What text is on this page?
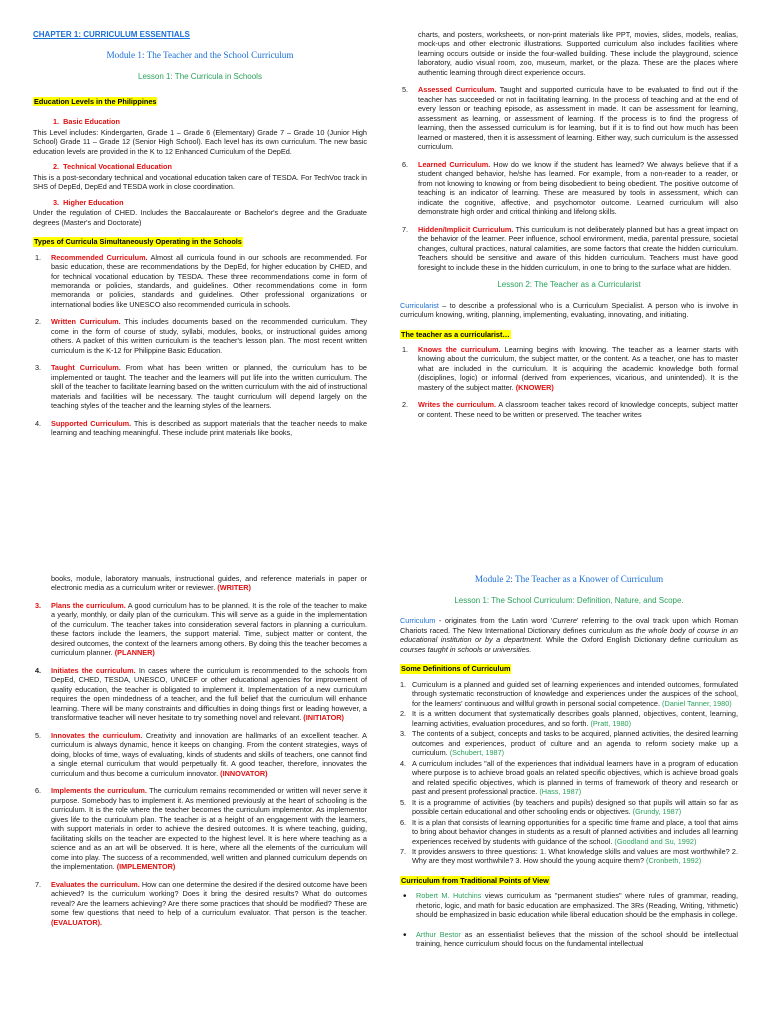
CHAPTER 1: CURRICULUM ESSENTIALS
Module 1: The Teacher and the School Curriculum
Lesson 1: The Curricula in Schools
Education Levels in the Philippines
1. Basic Education

This Level includes: Kindergarten, Grade 1 – Grade 6 (Elementary) Grade 7 – Grade 10 (Junior High School) Grade 11 – Grade 12 (Senior High School). Each level has its own curriculum. The new basic education levels are provided in the K to 12 Enhanced Curriculum of the DepEd.

2. Technical Vocational Education

This is a post-secondary technical and vocational education taken care of TESDA. For TechVoc track in SHS of DepEd, DepEd and TESDA work in close coordination.

3. Higher Education

Under the regulation of CHED. Includes the Baccalaureate or Bachelor's degree and the Graduate degrees (Master's and Doctorate)

Types of Curricula Simultaneously Operating in the Schools
1. Recommended Curriculum. Almost all curricula found in our schools are recommended. For basic education, these are recommendations by the DepEd, for higher education by CHED, and for technical vocational education by TESDA. These three recommendations come in form of memoranda or policies, standards, and guidelines. Other recommendations come in form memoranda or policies, standards and guidelines. Other professional organizations or international bodies like UNESCO also recommended curricula in schools.
2. Written Curriculum. This includes documents based on the recommended curriculum. They come in the form of course of study, syllabi, modules, books, or instructional guides among others. A packet of this written curriculum is the teacher's lesson plan. The most recent written curriculum is the K-12 for Philippine Basic Education.
3. Taught Curriculum. From what has been written or planned, the curriculum has to be implemented or taught. The teacher and the learners will put life into the written curriculum. The skill of the teacher to facilitate learning based on the written curriculum with the aid of instructional materials and facilities will be necessary. The taught curriculum will depend largely on the teaching styles of the teacher and the learning styles of the learners.
4. Supported Curriculum. This is described as support materials that the teacher needs to make learning and teaching meaningful. These include print materials like books,

charts, and posters, worksheets, or non-print materials like PPT, movies, slides, models, realias, mock-ups and other electronic illustrations. Supported curriculum also includes facilities where learning occurs outside or inside the four-walled building. These include the playground, science laboratory, audio visual room, zoo, museum, market, or the plaza. These are the places where authentic learning through direct experience occurs.

5. Assessed Curriculum. Taught and supported curricula have to be evaluated to find out if the teacher has succeeded or not in facilitating learning. In the process of teaching and at the end of every lesson or teaching episode, as assessment in made. It can be assessment for learning, assessment as learning, or assessment of learning. If the process is to find the progress of learning, then the assessed curriculum is for learning, but if it is to find out how much has been learned or mastered, then it is assessment of learning. Either way, such curriculum is the assessed curriculum.
6. Learned Curriculum. How do we know if the student has learned? We always believe that if a student changed behavior, he/she has learned. For example, from a non-reader to a reader, or from not knowing to knowing or from being disobedient to being obedient. The positive outcome of teaching is an indicator of learning. These are measured by tools in assessment, which can indicate the cognitive, affective, and psychomotor outcome. Learned curriculum will also demonstrate high order and critical thinking and lifelong skills.
7. Hidden/Implicit Curriculum. This curriculum is not deliberately planned but has a great impact on the behavior of the learner. Peer influence, school environment, media, parental pressure, societal changes, cultural practices, natural calamities, are some factors that create the hidden curriculum. Teachers should be sensitive and aware of this hidden curriculum. Teachers must have good foresight to include these in the hidden curriculum, in one to bring to the surface what are hidden.
Lesson 2: The Teacher as a Curricularist

Curricularist – to describe a professional who is a Curriculum Specialist. A person who is involve in curriculum knowing, writing, planning, implementing, evaluating, innovating, and initiating.

The teacher as a curricularist…
1. Knows the curriculum. Learning begins with knowing. The teacher as a learner starts with knowing about the curriculum, the subject matter, or the content. As a teacher, one has to master what are included in the curriculum. It is acquiring the academic knowledge both formal (disciplines, logic) or informal (derived from experiences, vicarious, and unintended). It is the mastery of the subject matter. (KNOWER)
2. Writes the curriculum. A classroom teacher takes record of knowledge concepts, subject matter or content. These need to be written or preserved. The teacher writes

books, module, laboratory manuals, instructional guides, and reference materials in paper or electronic media as a curriculum writer or reviewer. (WRITER)

3. Plans the curriculum. A good curriculum has to be planned. It is the role of the teacher to make a yearly, monthly, or daily plan of the curriculum. This will serve as a guide in the implementation of the curriculum. The teacher takes into consideration several factors in planning a curriculum. these factors include the learners, the support material. Time, subject matter or content, the desired outcomes, the context of the learners among others. By doing this the teacher becomes a curriculum planner. (PLANNER)
4. Initiates the curriculum. In cases where the curriculum is recommended to the schools from DepEd, CHED, TESDA, UNESCO, UNICEF or other educational agencies for improvement of quality education, the teacher is obligated to implement it. Implementation of a new curriculum requires the open mindedness of a teacher, and the full belief that the curriculum will enhance learning. There will be many constraints and difficulties in doing things first or leading however, a transformative teacher will never hesitate to try something novel and relevant. (INITIATOR)
5. Innovates the curriculum. Creativity and innovation are hallmarks of an excellent teacher. A curriculum is always dynamic, hence it keeps on changing. From the content strategies, ways of doing, blocks of time, ways of evaluating, kinds of students and skills of teachers, one cannot find a single eternal curriculum that would perpetually fit. A good teacher, therefore, innovates the curriculum and thus become a curriculum innovator. (INNOVATOR)
6. Implements the curriculum. The curriculum remains recommended or written will never serve it purpose. Somebody has to implement it. As mentioned previously at the heart of schooling is the curriculum. It is the role where the teacher becomes the curriculum implementor. As implementor gives life to the curriculum plan. The teacher is at a height of an engagement with the learners, with support materials in order to achieve the desired outcomes. It is where teaching, guiding, facilitating skills on the teacher are expected to the highest level. It is here where teaching as a science and as an art will be observed. It is here, where all the elements of the curriculum will come into play. The success of a recommended, well written and planned curriculum depends on the implementation. (IMPLEMENTOR)
7. Evaluates the curriculum. How can one determine the desired if the desired outcome have been achieved? Is the curriculum working? Does it bring the desired results? What do outcomes reveal? Are the learners achieving? Are there some practices that should be modified? These are some few questions that need to help of a curriculum evaluator. That person is the teacher. (EVALUATOR).
Module 2: The Teacher as a Knower of Curriculum
Lesson 1: The School Curriculum: Definition, Nature, and Scope.

Curriculum - originates from the Latin word 'Currere' referring to the oval track upon which Roman Chariots raced. The New International Dictionary defines curriculum as the whole body of course in an educational institution or by a department. While the Oxford English Dictionary define curriculum as courses taught in schools or universities.

Some Definitions of Curriculum
1. Curriculum is a planned and guided set of learning experiences and intended outcomes, formulated through systematic reconstruction of knowledge and experiences under the auspices of the school, for the learners' continuous and willful growth in personal social competence. (Daniel Tanner, 1980)
2. It is a written document that systematically describes goals planned, objectives, content, learning, learning activities, evaluation procedures, and so forth. (Pratt, 1980)
3. The contents of a subject, concepts and tasks to be acquired, planned activities, the desired learning outcomes and experiences, product of culture and an agenda to reform society make up a curriculum. (Schubert, 1987)
4. A curriculum includes "all of the experiences that individual learners have in a program of education where purpose is to achieve broad goals an related specific objectives, which is achieve broad goals and related specific objectives, which is planned in terms of framework of theory and research or past and present professional practice. (Hass, 1987)
5. It is a programme of activities (by teachers and pupils) designed so that pupils will attain so far as possible certain educational and other schooling ends or objectives. (Grundy, 1987)
6. It is a plan that consists of learning opportunities for a specific time frame and place, a tool that aims to bring about behavior changes in students as a result of planned activities and includes all learning experiences received by students with guidance of the school. (Goodland and Su, 1992)
7. It provides answers to three questions: 1. What knowledge skills and values are most worthwhile? 2. Why are they most worthwhile? 3. How should the young acquire them? (Cronbeth, 1992)
Curriculum from Traditional Points of View
• Robert M. Hutchins views curriculum as "permanent studies" where rules of grammar, reading, rhetoric, logic, and math for basic education are emphasized. The 3Rs (Reading, Writing, 'rithmetic) should be emphasized in basic education while liberal education should be the emphasis in college.
• Arthur Bestor as an essentialist believes that the mission of the school should be intellectual training, hence curriculum should focus on the fundamental intellectual
